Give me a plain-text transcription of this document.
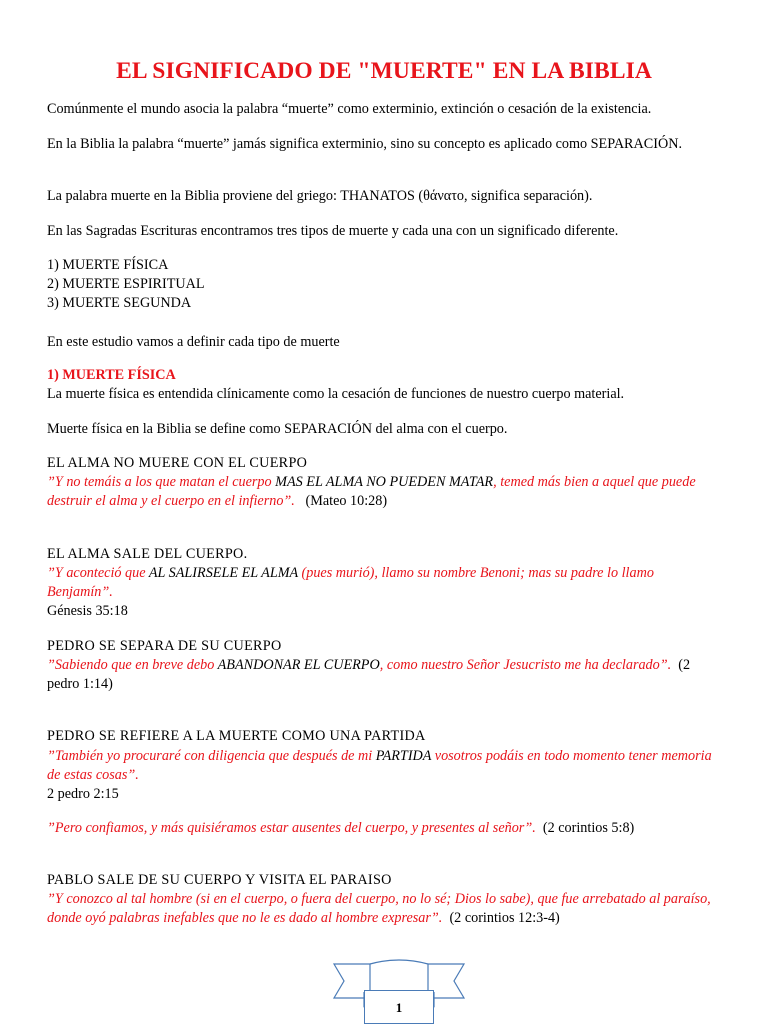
EL SIGNIFICADO DE "MUERTE" EN LA BIBLIA
Comúnmente el mundo asocia la palabra “muerte” como exterminio, extinción o cesación de la existencia.
En la Biblia la palabra “muerte” jamás significa exterminio, sino su concepto es aplicado como SEPARACIÓN.
La palabra muerte en la Biblia proviene del griego: THANATOS (θάνατο, significa separación).
En las Sagradas Escrituras encontramos tres tipos de muerte y cada una con un significado diferente.
1) MUERTE FÍSICA
2) MUERTE ESPIRITUAL
3) MUERTE SEGUNDA
En este estudio vamos a definir cada tipo de muerte
1) MUERTE FÍSICA
La muerte física es entendida clínicamente como la cesación de funciones de nuestro cuerpo material.
Muerte física en la Biblia se define como SEPARACIÓN del alma con el cuerpo.
EL ALMA NO MUERE CON EL CUERPO
”Y no temáis a los que matan el cuerpo MAS EL ALMA NO PUEDEN MATAR, temed más bien a aquel que puede destruir el alma y el cuerpo en el infierno”. (Mateo 10:28)
EL ALMA SALE DEL CUERPO.
”Y aconteció que AL SALIRSELE EL ALMA (pues murió), llamo su nombre Benoni; mas su padre lo llamo Benjamín”.
Génesis 35:18
PEDRO SE SEPARA DE SU CUERPO
”Sabiendo que en breve debo ABANDONAR EL CUERPO, como nuestro Señor Jesucristo me ha declarado”. (2 pedro 1:14)
PEDRO SE REFIERE A LA MUERTE COMO UNA PARTIDA
”También yo procuraré con diligencia que después de mi PARTIDA vosotros podáis en todo momento tener memoria de estas cosas”.
2 pedro 2:15
”Pero confiamos, y más quisiéramos estar ausentes del cuerpo, y presentes al señor”. (2 corintios 5:8)
PABLO SALE DE SU CUERPO Y VISITA EL PARAISO
”Y conozco al tal hombre (si en el cuerpo, o fuera del cuerpo, no lo sé; Dios lo sabe), que fue arrebatado al paraíso, donde oyó palabras inefables que no le es dado al hombre expresar”. (2 corintios 12:3-4)
1
